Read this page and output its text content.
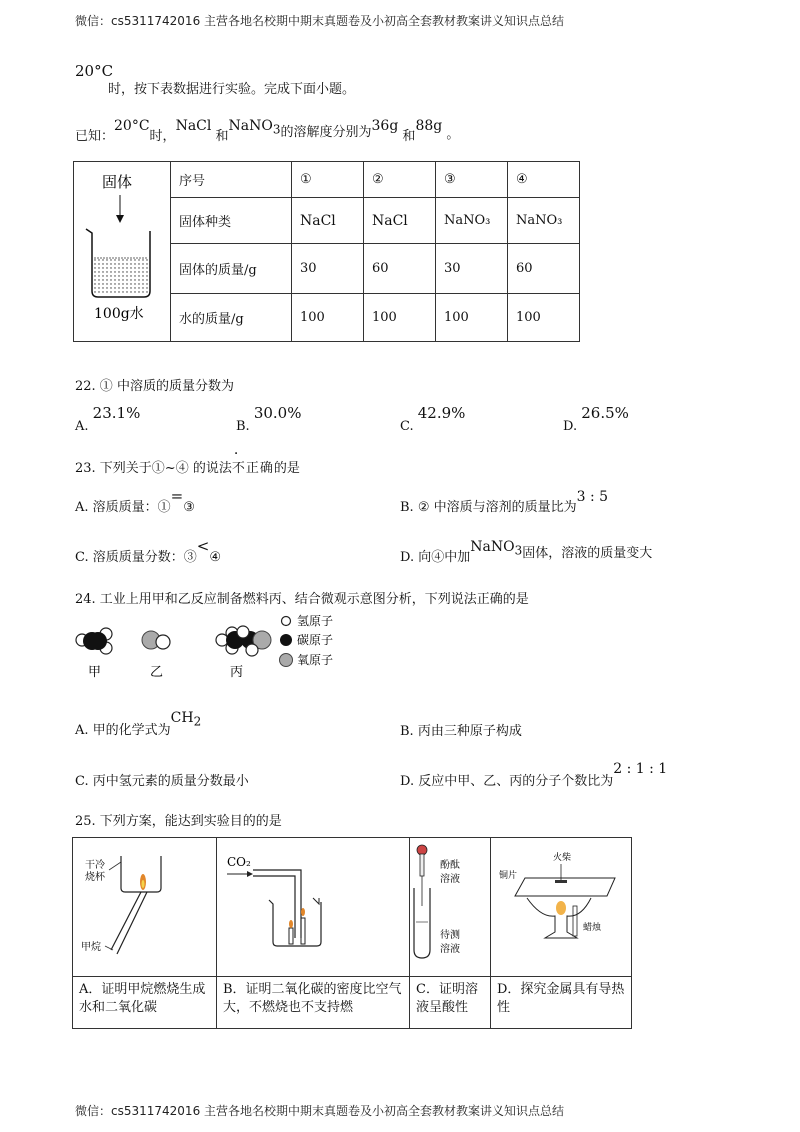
微信：cs5311742016 主营各地名校期中期末真题卷及小初高全套教材教案讲义知识点总结
20°C
时，按下表数据进行实验。完成下面小题。
已知：20°C时，NaCl 和NaNO$_3$的溶解度分别为36g 和88g 。
固体
100g水	序号	①	②	③	④
	固体种类	NaCl	NaCl	NaNO₃	NaNO₃
	固体的质量/g	30	60	30	60
	水的质量/g	100	100	100	100
22. ① 中溶质的质量分数为
A. 23.1%
B. 30.0%
C. 42.9%
D. 26.5%
23. 下列关于①~④ 的说法不正确的是
A. 溶质质量：①=③	B. ② 中溶质与溶剂的质量比为3 : 5
C. 溶质质量分数：③<④	D. 向④中加NaNO$_3$固体，溶液的质量变大
24. 工业上用甲和乙反应制备燃料丙、结合微观示意图分析，下列说法正确的是
甲	乙	丙
氢原子
碳原子
氧原子
A. 甲的化学式为$CH_2$
B. 丙由三种原子构成
C. 丙中氢元素的质量分数最小	D. 反应中甲、乙、丙的分子个数比为2 : 1 : 1
25. 下列方案，能达到实验目的的是
干冷
烧杯
甲烷	CO₂	酚酞
溶液
待测
溶液	火柴
铜片
蜡烛

A．证明甲烷燃烧生成水和二氧化碳	B．证明二氧化碳的密度比空气大，不燃烧也不支持燃	C．证明溶液呈酸性	D．探究金属具有导热性
微信：cs5311742016 主营各地名校期中期末真题卷及小初高全套教材教案讲义知识点总结
